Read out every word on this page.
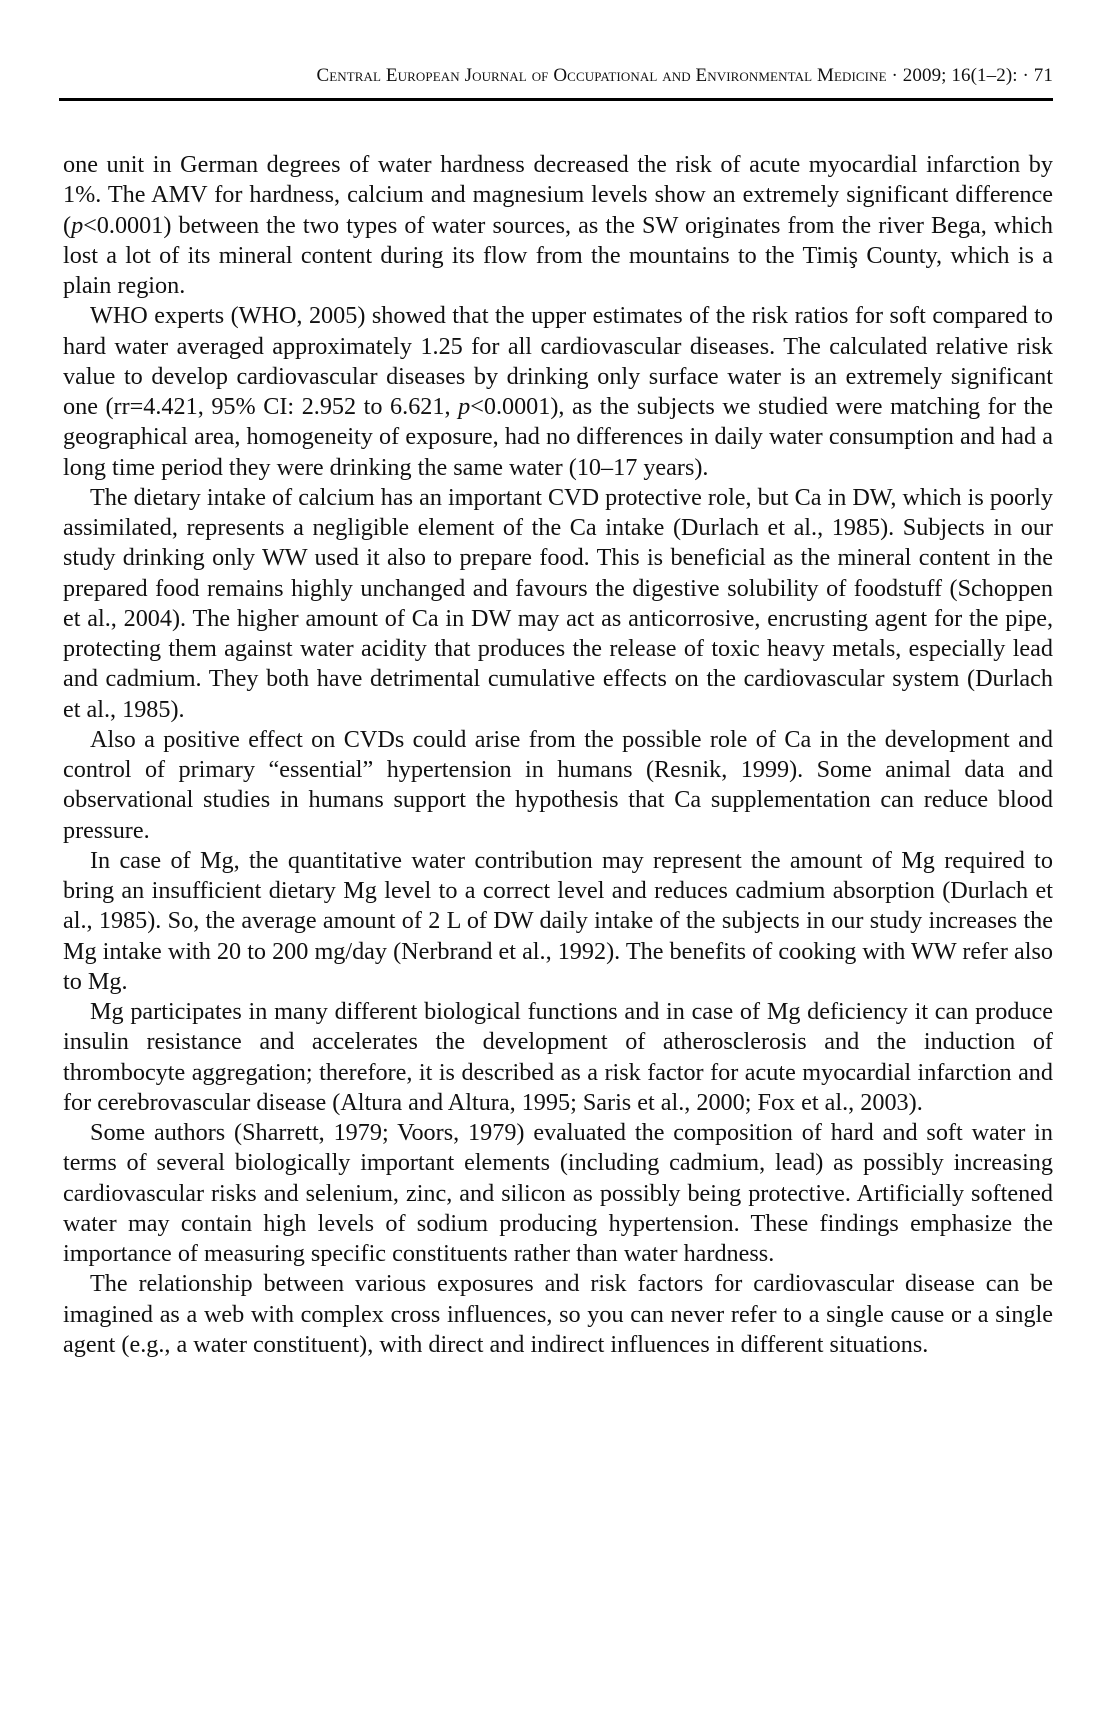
Central European Journal of Occupational and Environmental Medicine · 2009; 16(1–2): · 71

one unit in German degrees of water hardness decreased the risk of acute myocardial infarction by 1%. The AMV for hardness, calcium and magnesium levels show an extremely significant difference (p<0.0001) between the two types of water sources, as the SW originates from the river Bega, which lost a lot of its mineral content during its flow from the mountains to the Timiş County, which is a plain region.

WHO experts (WHO, 2005) showed that the upper estimates of the risk ratios for soft compared to hard water averaged approximately 1.25 for all cardiovascular diseases. The calculated relative risk value to develop cardiovascular diseases by drinking only surface water is an extremely significant one (rr=4.421, 95% CI: 2.952 to 6.621, p<0.0001), as the subjects we studied were matching for the geographical area, homogeneity of exposure, had no differences in daily water consumption and had a long time period they were drinking the same water (10–17 years).

The dietary intake of calcium has an important CVD protective role, but Ca in DW, which is poorly assimilated, represents a negligible element of the Ca intake (Durlach et al., 1985). Subjects in our study drinking only WW used it also to prepare food. This is beneficial as the mineral content in the prepared food remains highly unchanged and favours the digestive solubility of foodstuff (Schoppen et al., 2004). The higher amount of Ca in DW may act as anticorrosive, encrusting agent for the pipe, protecting them against water acidity that produces the release of toxic heavy metals, especially lead and cadmium. They both have detrimental cumulative effects on the cardiovascular system (Durlach et al., 1985).

Also a positive effect on CVDs could arise from the possible role of Ca in the development and control of primary “essential” hypertension in humans (Resnik, 1999). Some animal data and observational studies in humans support the hypothesis that Ca supplementation can reduce blood pressure.

In case of Mg, the quantitative water contribution may represent the amount of Mg required to bring an insufficient dietary Mg level to a correct level and reduces cadmium absorption (Durlach et al., 1985). So, the average amount of 2 L of DW daily intake of the subjects in our study increases the Mg intake with 20 to 200 mg/day (Nerbrand et al., 1992). The benefits of cooking with WW refer also to Mg.

Mg participates in many different biological functions and in case of Mg deficiency it can produce insulin resistance and accelerates the development of atherosclerosis and the induction of thrombocyte aggregation; therefore, it is described as a risk factor for acute myocardial infarction and for cerebrovascular disease (Altura and Altura, 1995; Saris et al., 2000; Fox et al., 2003).

Some authors (Sharrett, 1979; Voors, 1979) evaluated the composition of hard and soft water in terms of several biologically important elements (including cadmium, lead) as possibly increasing cardiovascular risks and selenium, zinc, and silicon as possibly being protective. Artificially softened water may contain high levels of sodium producing hypertension. These findings emphasize the importance of measuring specific constituents rather than water hardness.

The relationship between various exposures and risk factors for cardiovascular disease can be imagined as a web with complex cross influences, so you can never refer to a single cause or a single agent (e.g., a water constituent), with direct and indirect influences in different situations.
